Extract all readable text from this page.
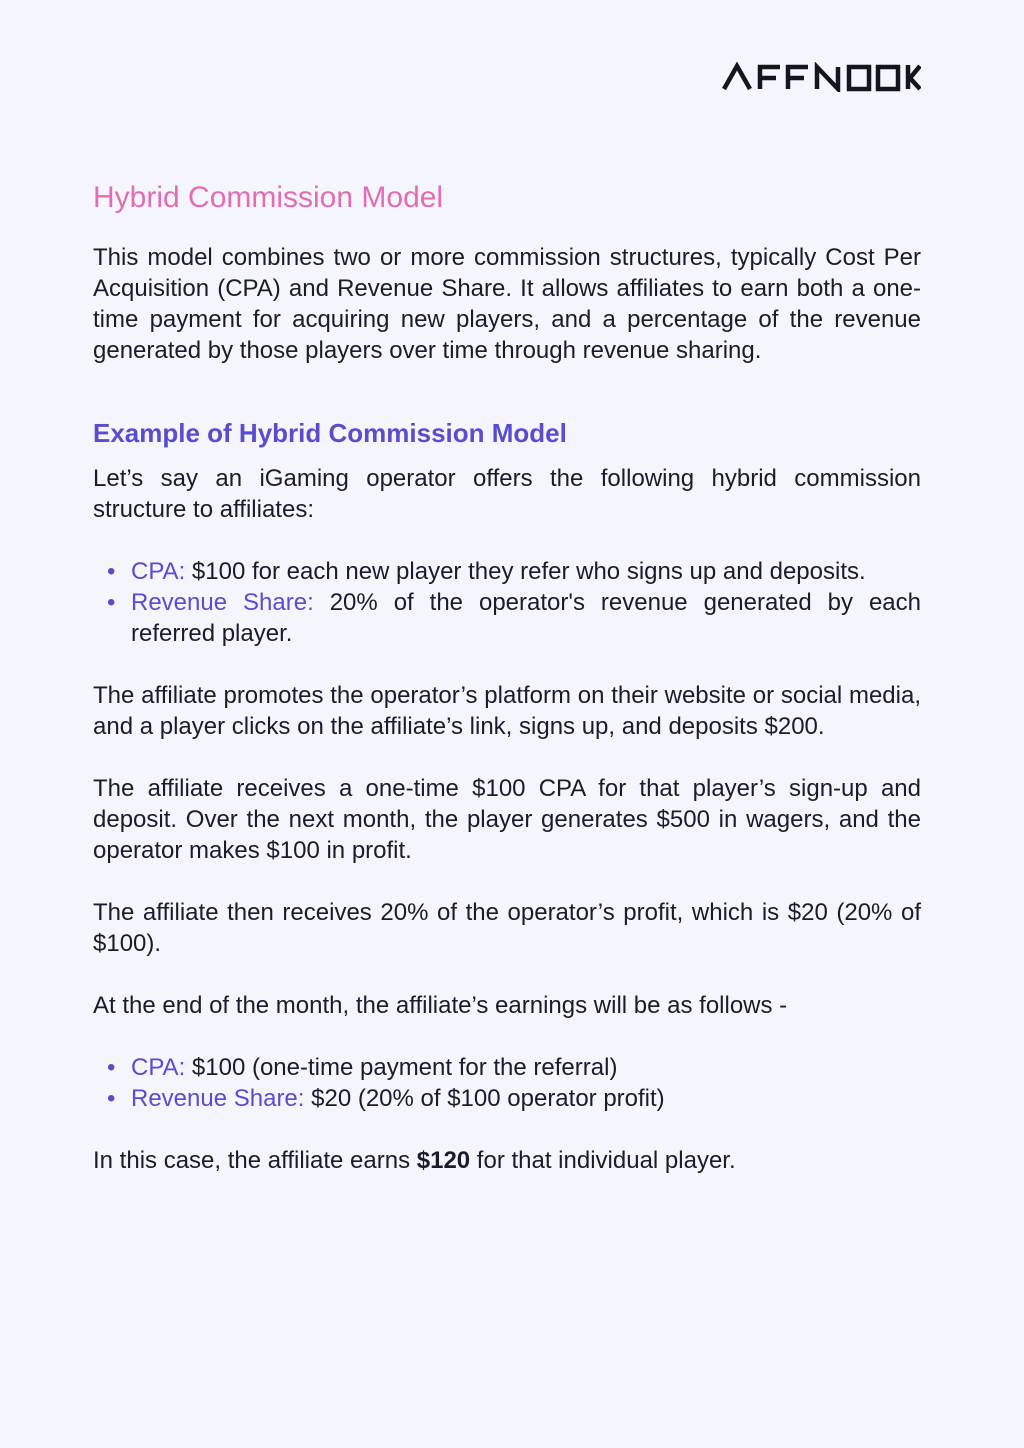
Hybrid Commission Model

This model combines two or more commission structures, typically Cost Per Acquisition (CPA) and Revenue Share. It allows affiliates to earn both a one-time payment for acquiring new players, and a percentage of the revenue generated by those players over time through revenue sharing.

Example of Hybrid Commission Model

Let’s say an iGaming operator offers the following hybrid commission structure to affiliates:

• CPA: $100 for each new player they refer who signs up and deposits.
• Revenue Share: 20% of the operator's revenue generated by each referred player.

The affiliate promotes the operator’s platform on their website or social media, and a player clicks on the affiliate’s link, signs up, and deposits $200.

The affiliate receives a one-time $100 CPA for that player’s sign-up and deposit. Over the next month, the player generates $500 in wagers, and the operator makes $100 in profit.

The affiliate then receives 20% of the operator’s profit, which is $20 (20% of $100).

At the end of the month, the affiliate’s earnings will be as follows -

• CPA: $100 (one-time payment for the referral)
• Revenue Share: $20 (20% of $100 operator profit)

In this case, the affiliate earns $120 for that individual player.
